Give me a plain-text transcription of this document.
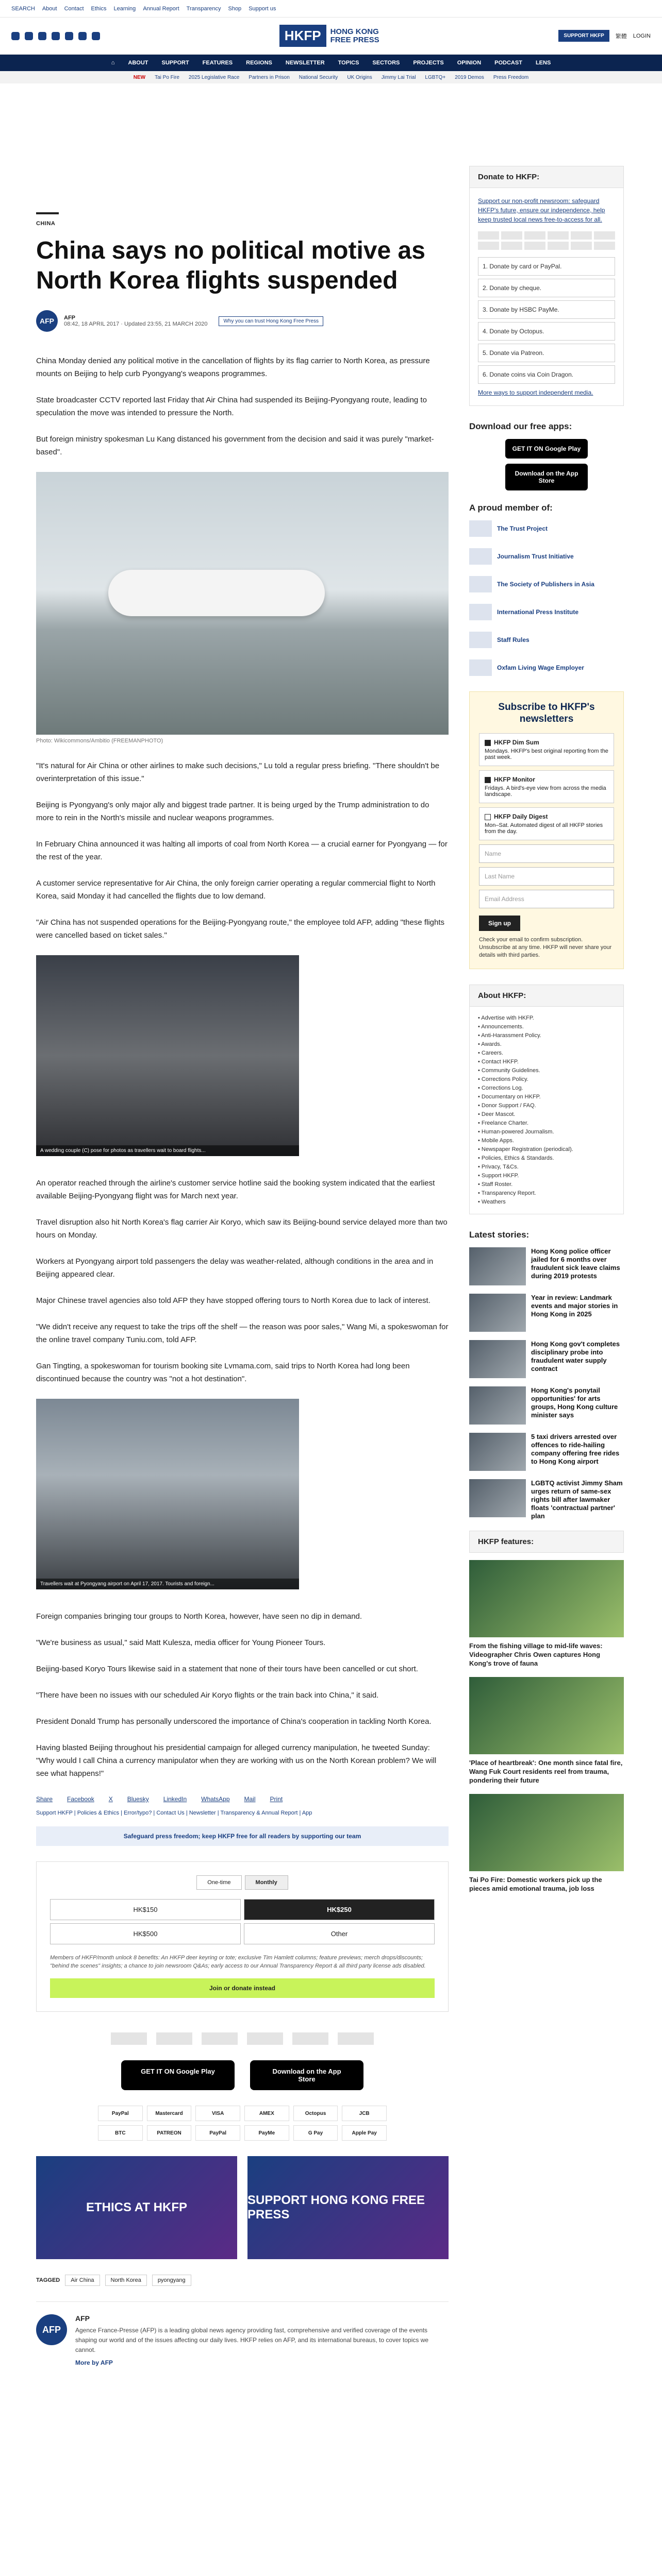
SEARCH About Contact Ethics Learning Annual Report Transparency Shop Support us
HKFP	HONG KONG
FREE PRESS	SUPPORT HKFP	繁體 LOGIN
⌂ ABOUT SUPPORT FEATURES REGIONS NEWSLETTER TOPICS SECTORS PROJECTS OPINION PODCAST LENS
NEW Tai Po Fire 2025 Legislative Race Partners in Prison National Security UK Origins Jimmy Lai Trial LGBTQ+ 2019 Demos Press Freedom
CHINA
China says no political motive as North Korea flights suspended
AFP	AFP
08:42, 18 APRIL 2017 · Updated 23:55, 21 MARCH 2020	Why you can trust Hong Kong Free Press

China Monday denied any political motive in the cancellation of flights by its flag carrier to North Korea, as pressure mounts on Beijing to help curb Pyongyang's weapons programmes.

State broadcaster CCTV reported last Friday that Air China had suspended its Beijing-Pyongyang route, leading to speculation the move was intended to pressure the North.

But foreign ministry spokesman Lu Kang distanced his government from the decision and said it was purely "market-based".

Photo: Wikicommons/Ambitio (FREEMANPHOTO)

"It's natural for Air China or other airlines to make such decisions," Lu told a regular press briefing. "There shouldn't be overinterpretation of this issue."

Beijing is Pyongyang's only major ally and biggest trade partner. It is being urged by the Trump administration to do more to rein in the North's missile and nuclear weapons programmes.

In February China announced it was halting all imports of coal from North Korea — a crucial earner for Pyongyang — for the rest of the year.

A customer service representative for Air China, the only foreign carrier operating a regular commercial flight to North Korea, said Monday it had cancelled the flights due to low demand.

"Air China has not suspended operations for the Beijing-Pyongyang route," the employee told AFP, adding "these flights were cancelled based on ticket sales."

A wedding couple (C) pose for photos as travellers wait to board flights...

An operator reached through the airline's customer service hotline said the booking system indicated that the earliest available Beijing-Pyongyang flight was for March next year.

Travel disruption also hit North Korea's flag carrier Air Koryo, which saw its Beijing-bound service delayed more than two hours on Monday.

Workers at Pyongyang airport told passengers the delay was weather-related, although conditions in the area and in Beijing appeared clear.

Major Chinese travel agencies also told AFP they have stopped offering tours to North Korea due to lack of interest.

"We didn't receive any request to take the trips off the shelf — the reason was poor sales," Wang Mi, a spokeswoman for the online travel company Tuniu.com, told AFP.

Gan Tingting, a spokeswoman for tourism booking site Lvmama.com, said trips to North Korea had long been discontinued because the country was "not a hot destination".

Travellers wait at Pyongyang airport on April 17, 2017. Tourists and foreign...

Foreign companies bringing tour groups to North Korea, however, have seen no dip in demand.

"We're business as usual," said Matt Kulesza, media officer for Young Pioneer Tours.

Beijing-based Koryo Tours likewise said in a statement that none of their tours have been cancelled or cut short.

"There have been no issues with our scheduled Air Koryo flights or the train back into China," it said.

President Donald Trump has personally underscored the importance of China's cooperation in tackling North Korea.

Having blasted Beijing throughout his presidential campaign for alleged currency manipulation, he tweeted Sunday: "Why would I call China a currency manipulator when they are working with us on the North Korean problem? We will see what happens!"

Share Facebook X Bluesky LinkedIn WhatsApp Mail Print
Support HKFP | Policies & Ethics | Error/typo? | Contact Us | Newsletter | Transparency & Annual Report | App
Safeguard press freedom; keep HKFP free for all readers by supporting our team
One-time	Monthly
HK$150	HK$250
HK$500	Other
Members of HKFP/month unlock 8 benefits: An HKFP deer keyring or tote; exclusive Tim Hamlett columns; feature previews; merch drops/discounts; "behind the scenes" insights; a chance to join newsroom Q&As; early access to our Annual Transparency Report & all third party license ads disabled.
Join or donate instead
GET IT ON Google Play	Download on the App Store
PayPal	Mastercard	VISA	AMEX	Octopus	JCB
BTC	PATREON	PayPal	PayMe	G Pay	Apple Pay
ETHICS AT HKFP
SUPPORT HONG KONG FREE PRESS
TAGGED	Air China	North Korea	pyongyang
AFP
AFP
Agence France-Presse (AFP) is a leading global news agency providing fast, comprehensive and verified coverage of the events shaping our world and of the issues affecting our daily lives. HKFP relies on AFP, and its international bureaus, to cover topics we cannot.
More by AFP
Donate to HKFP:
Support our non-profit newsroom: safeguard HKFP's future, ensure our independence, help keep trusted local news free-to-access for all.
1. Donate by card or PayPal.
2. Donate by cheque.
3. Donate by HSBC PayMe.
4. Donate by Octopus.
5. Donate via Patreon.
6. Donate coins via Coin Dragon.
More ways to support independent media.
Download our free apps:
GET IT ON Google Play
Download on the App Store
A proud member of:
The Trust Project
Journalism Trust Initiative
The Society of Publishers in Asia
International Press Institute
Staff Rules
Oxfam Living Wage Employer
Subscribe to HKFP's newsletters
HKFP Dim Sum
Mondays. HKFP's best original reporting from the past week.
HKFP Monitor
Fridays. A bird's-eye view from across the media landscape.
HKFP Daily Digest
Mon–Sat. Automated digest of all HKFP stories from the day.
Name
Last Name
Email Address
Sign up
Check your email to confirm subscription. Unsubscribe at any time. HKFP will never share your details with third parties.
About HKFP:
• Advertise with HKFP.
• Announcements.
• Anti-Harassment Policy.
• Awards.
• Careers.
• Contact HKFP.
• Community Guidelines.
• Corrections Policy.
• Corrections Log.
• Documentary on HKFP.
• Donor Support / FAQ.
• Deer Mascot.
• Freelance Charter.
• Human-powered Journalism.
• Mobile Apps.
• Newspaper Registration (periodical).
• Policies, Ethics & Standards.
• Privacy, T&Cs.
• Support HKFP.
• Staff Roster.
• Transparency Report.
• Weathers
Latest stories:
Hong Kong police officer jailed for 6 months over fraudulent sick leave claims during 2019 protests
Year in review: Landmark events and major stories in Hong Kong in 2025
Hong Kong gov't completes disciplinary probe into fraudulent water supply contract
Hong Kong's ponytail opportunities' for arts groups, Hong Kong culture minister says
5 taxi drivers arrested over offences to ride-hailing company offering free rides to Hong Kong airport
LGBTQ activist Jimmy Sham urges return of same-sex rights bill after lawmaker floats 'contractual partner' plan
HKFP features:
From the fishing village to mid-life waves: Videographer Chris Owen captures Hong Kong's trove of fauna
'Place of heartbreak': One month since fatal fire, Wang Fuk Court residents reel from trauma, pondering their future
Tai Po Fire: Domestic workers pick up the pieces amid emotional trauma, job loss
